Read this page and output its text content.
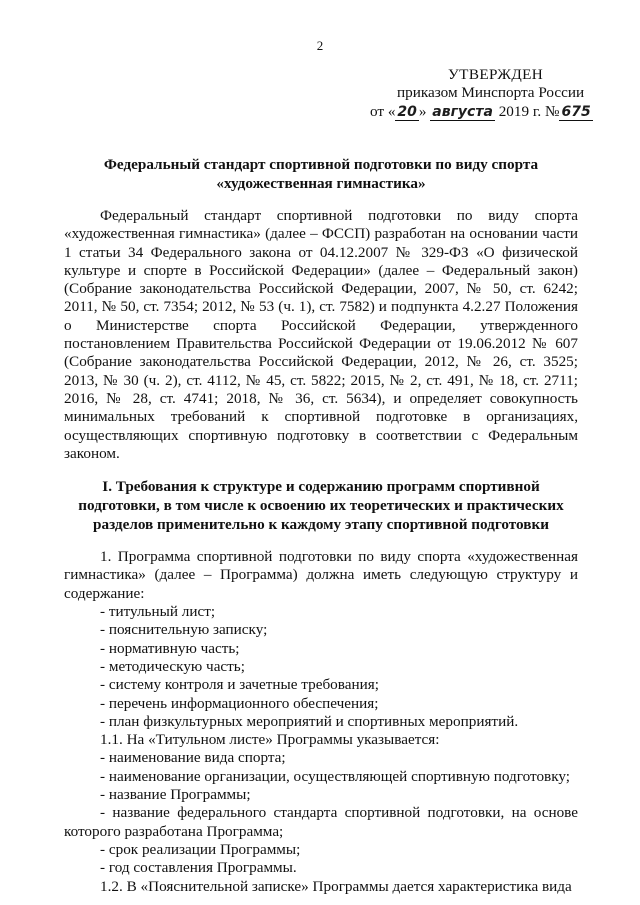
2
УТВЕРЖДЕН
приказом Минспорта России
от « 20 » августа 2019 г. № 675
Федеральный стандарт спортивной подготовки по виду спорта «художественная гимнастика»

Федеральный стандарт спортивной подготовки по виду спорта «художественная гимнастика» (далее – ФССП) разработан на основании части 1 статьи 34 Федерального закона от 04.12.2007 № 329-ФЗ «О физической культуре и спорте в Российской Федерации» (далее – Федеральный закон) (Собрание законодательства Российской Федерации, 2007, № 50, ст. 6242; 2011, № 50, ст. 7354; 2012, № 53 (ч. 1), ст. 7582) и подпункта 4.2.27 Положения о Министерстве спорта Российской Федерации, утвержденного постановлением Правительства Российской Федерации от 19.06.2012 № 607 (Собрание законодательства Российской Федерации, 2012, № 26, ст. 3525; 2013, № 30 (ч. 2), ст. 4112, № 45, ст. 5822; 2015, № 2, ст. 491, № 18, ст. 2711; 2016, № 28, ст. 4741; 2018, № 36, ст. 5634), и определяет совокупность минимальных требований к спортивной подготовке в организациях, осуществляющих спортивную подготовку в соответствии с Федеральным законом.

I. Требования к структуре и содержанию программ спортивной подготовки, в том числе к освоению их теоретических и практических разделов применительно к каждому этапу спортивной подготовки

1. Программа спортивной подготовки по виду спорта «художественная гимнастика» (далее – Программа) должна иметь следующую структуру и содержание:

- титульный лист;

- пояснительную записку;

- нормативную часть;

- методическую часть;

- систему контроля и зачетные требования;

- перечень информационного обеспечения;

- план физкультурных мероприятий и спортивных мероприятий.

1.1. На «Титульном листе» Программы указывается:

- наименование вида спорта;

- наименование организации, осуществляющей спортивную подготовку;

- название Программы;

- название федерального стандарта спортивной подготовки, на основе которого разработана Программа;

- срок реализации Программы;

- год составления Программы.

1.2. В «Пояснительной записке» Программы дается характеристика вида
